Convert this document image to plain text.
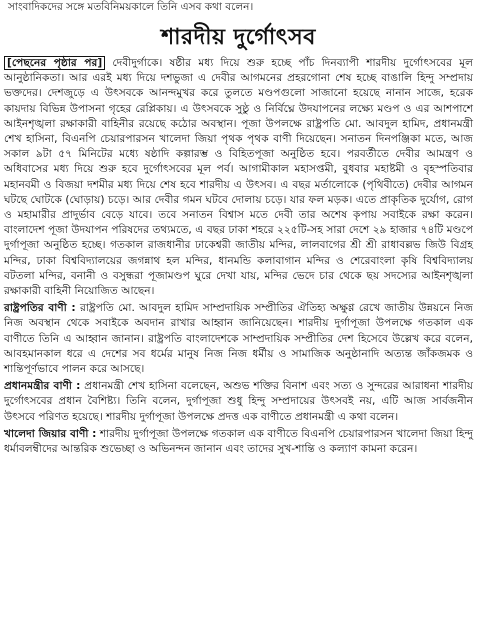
সাংবাদিকদের সঙ্গে মতবিনিময়কালে তিনি এসব কথা বলেন।
শারদীয় দুর্গোৎসব

[পেছনের পৃষ্ঠার পর] দেবীদুর্গাকে। ষষ্ঠীর মধ্য দিয়ে শুরু হচ্ছে পাঁচ দিনব্যাপী শারদীয় দুর্গোৎসবের মূল আনুষ্ঠানিকতা। আর এরই মধ্য দিয়ে দশভুজা এ দেবীর আগমনের প্রহরগোনা শেষ হচ্ছে বাঙালি হিন্দু সম্প্রদায় ভক্তদের। দেশজুড়ে এ উৎসবকে আনন্দমুখর করে তুলতে মণ্ডপগুলো সাজানো হয়েছে নানান সাজে, হরেক কায়দায় বিভিন্ন উপাসনা গৃহের রেপ্লিকায়। এ উৎসবকে সুষ্ঠু ও নির্বিঘ্নে উদযাপনের লক্ষ্যে মণ্ডপ ও এর আশপাশে আইনশৃঙ্খলা রক্ষাকারী বাহিনীর রয়েছে কঠোর অবস্থান। পূজা উপলক্ষে রাষ্ট্রপতি মো. আবদুল হামিদ, প্রধানমন্ত্রী শেখ হাসিনা, বিএনপি চেয়ারপারসন খালেদা জিয়া পৃথক পৃথক বাণী দিয়েছেন। সনাতন দিনপঞ্জিকা মতে, আজ সকাল ৯টা ৫৭ মিনিটের মধ্যে ষষ্ঠাদি কল্পারম্ভ ও বিহিতপূজা অনুষ্ঠিত হবে। পরবর্তীতে দেবীর আমন্ত্রণ ও অধিবাসের মধ্য দিয়ে শুরু হবে দুর্গোৎসবের মূল পর্ব। আগামীকাল মহাসপ্তমী, বুধবার মহাষ্টমী ও বৃহস্পতিবার মহানবমী ও বিজয়া দশমীর মধ্য দিয়ে শেষ হবে শারদীয় এ উৎসব। এ বছর মর্তালোকে (পৃথিবীতে) দেবীর আগমন ঘটছে ঘোটকে (ঘোড়ায়) চড়ে। আর দেবীর গমন ঘটবে দোলায় চড়ে। যার ফল মড়ক। এতে প্রাকৃতিক দুর্যোগ, রোগ ও মহামারীর প্রাদুর্ভাব বেড়ে যাবে। তবে সনাতন বিশ্বাস মতে দেবী তার অশেষ কৃপায় সবাইকে রক্ষা করেন। বাংলাদেশ পূজা উদযাপন পরিষদের তথ্যমতে, এ বছর ঢাকা শহরে ২২৫টি-সহ সারা দেশে ২৯ হাজার ৭৪টি মণ্ডপে দুর্গাপূজা অনুষ্ঠিত হচ্ছে। গতকাল রাজধানীর ঢাকেশ্বরী জাতীয় মন্দির, লালবাগের শ্রী শ্রী রাধাবল্লভ জিউ বিগ্রহ মন্দির, ঢাকা বিশ্ববিদ্যালয়ের জগন্নাথ হল মন্দির, ধানমন্ডি কলাবাগান মন্দির ও শেরেবাংলা কৃষি বিশ্ববিদ্যালয় বটতলা মন্দির, বনানী ও বসুন্ধরা পূজামণ্ডপ ঘুরে দেখা যায়, মন্দির ভেদে চার থেকে ছয় সদস্যের আইনশৃঙ্খলা রক্ষাকারী বাহিনী নিয়োজিত আছেন।

রাষ্ট্রপতির বাণী : রাষ্ট্রপতি মো. আবদুল হামিদ সাম্প্রদায়িক সম্প্রীতির ঐতিহ্য অক্ষুণ্ণ রেখে জাতীয় উন্নয়নে নিজ নিজ অবস্থান থেকে সবাইকে অবদান রাখার আহ্বান জানিয়েছেন। শারদীয় দুর্গাপূজা উপলক্ষে গতকাল এক বাণীতে তিনি এ আহ্বান জানান। রাষ্ট্রপতি বাংলাদেশকে সাম্প্রদায়িক সম্প্রীতির দেশ হিসেবে উল্লেখ করে বলেন, আবহমানকাল ধরে এ দেশের সব ধর্মের মানুষ নিজ নিজ ধর্মীয় ও সামাজিক অনুষ্ঠানাদি অত্যন্ত জাঁকজমক ও শান্তিপূর্ণভাবে পালন করে আসছে।

প্রধানমন্ত্রীর বাণী : প্রধানমন্ত্রী শেখ হাসিনা বলেছেন, অশুভ শক্তির বিনাশ এবং সত্য ও সুন্দরের আরাধনা শারদীয় দুর্গোৎসবের প্রধান বৈশিষ্ট্য। তিনি বলেন, দুর্গাপূজা শুধু হিন্দু সম্প্রদায়ের উৎসবই নয়, এটি আজ সার্বজনীন উৎসবে পরিণত হয়েছে। শারদীয় দুর্গাপূজা উপলক্ষে প্রদত্ত এক বাণীতে প্রধানমন্ত্রী এ কথা বলেন।

খালেদা জিয়ার বাণী : শারদীয় দুর্গাপূজা উপলক্ষে গতকাল এক বাণীতে বিএনপি চেয়ারপারসন খালেদা জিয়া হিন্দু ধর্মাবলম্বীদের আন্তরিক শুভেচ্ছা ও অভিনন্দন জানান এবং তাদের সুখ-শান্তি ও কল্যাণ কামনা করেন।
